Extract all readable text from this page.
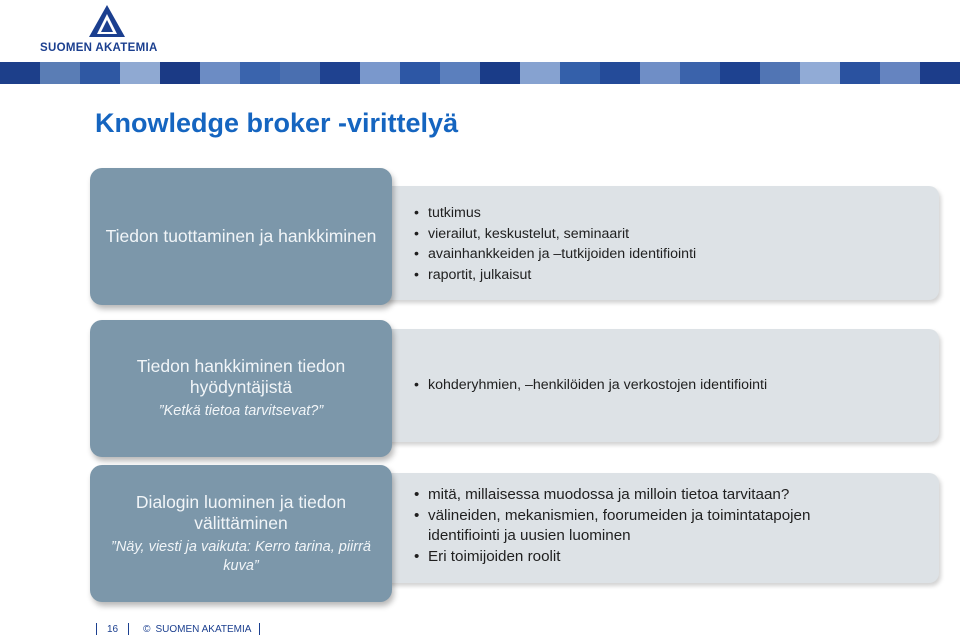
SUOMEN AKATEMIA
Knowledge broker -virittelyä
• tutkimus
• vierailut, keskustelut, seminaarit
• avainhankkeiden ja –tutkijoiden identifiointi
• raportit, julkaisut
Tiedon tuottaminen ja hankkiminen
• kohderyhmien, –henkilöiden ja verkostojen identifiointi
Tiedon hankkiminen tiedon hyödyntäjistä
”Ketkä tietoa tarvitsevat?”
• mitä, millaisessa muodossa ja milloin tietoa tarvitaan?
• välineiden, mekanismien, foorumeiden ja toimintatapojen identifiointi ja uusien luominen
• Eri toimijoiden roolit
Dialogin luominen ja tiedon välittäminen
”Näy, viesti ja vaikuta: Kerro tarina, piirrä kuva”
16	© SUOMEN AKATEMIA
